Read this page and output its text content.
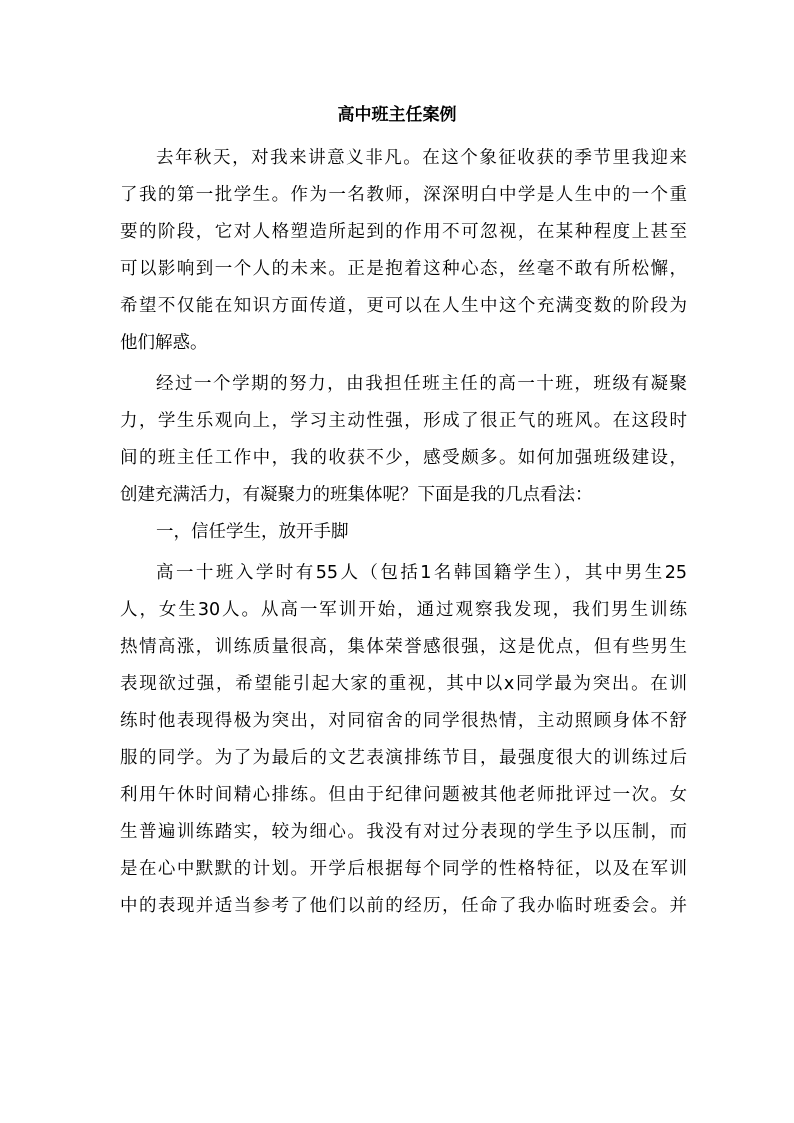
高中班主任案例
去年秋天，对我来讲意义非凡。在这个象征收获的季节里我迎来
了我的第一批学生。作为一名教师，深深明白中学是人生中的一个重
要的阶段，它对人格塑造所起到的作用不可忽视，在某种程度上甚至
可以影响到一个人的未来。正是抱着这种心态，丝毫不敢有所松懈，
希望不仅能在知识方面传道，更可以在人生中这个充满变数的阶段为
他们解惑。
经过一个学期的努力，由我担任班主任的高一十班，班级有凝聚
力，学生乐观向上，学习主动性强，形成了很正气的班风。在这段时
间的班主任工作中，我的收获不少，感受颇多。如何加强班级建设，
创建充满活力，有凝聚力的班集体呢？下面是我的几点看法：
一，信任学生，放开手脚
高一十班入学时有55人（包括1名韩国籍学生），其中男生25
人，女生30人。从高一军训开始，通过观察我发现，我们男生训练
热情高涨，训练质量很高，集体荣誉感很强，这是优点，但有些男生
表现欲过强，希望能引起大家的重视，其中以x同学最为突出。在训
练时他表现得极为突出，对同宿舍的同学很热情，主动照顾身体不舒
服的同学。为了为最后的文艺表演排练节目，最强度很大的训练过后
利用午休时间精心排练。但由于纪律问题被其他老师批评过一次。女
生普遍训练踏实，较为细心。我没有对过分表现的学生予以压制，而
是在心中默默的计划。开学后根据每个同学的性格特征，以及在军训
中的表现并适当参考了他们以前的经历，任命了我办临时班委会。并
